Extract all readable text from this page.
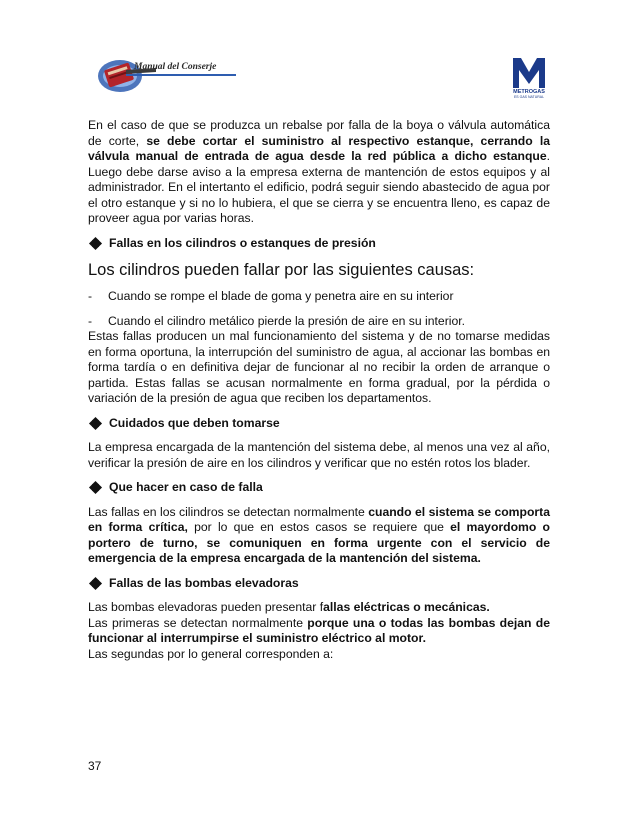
Manual del Conserje
METROGAS
ES GAS NATURAL

En el caso de que se produzca un rebalse por falla de la boya o válvula automática de corte, se debe cortar el suministro al respectivo estanque, cerrando la válvula manual de entrada de agua desde la red pública a dicho estanque. Luego debe darse aviso a la empresa externa de mantención de estos equipos y al administrador. En el intertanto el edificio, podrá seguir siendo abastecido de agua por el otro estanque y si no lo hubiera, el que se cierra y se encuentra lleno, es capaz de proveer agua por varias horas.

Fallas en los cilindros o estanques de presión

Los cilindros pueden fallar por las siguientes causas:

-	Cuando se rompe el blade de goma y penetra aire en su interior
-	Cuando el cilindro metálico pierde la presión de aire en su interior.

Estas fallas producen un mal funcionamiento del sistema y de no tomarse medidas en forma oportuna, la interrupción del suministro de agua, al accionar las bombas en forma tardía o en definitiva dejar de funcionar al no recibir la orden de arranque o partida. Estas fallas se acusan normalmente en forma gradual, por la pérdida o variación de la presión de agua que reciben los departamentos.

Cuidados que deben tomarse

La empresa encargada de la mantención del sistema debe, al menos una vez al año, verificar la presión de aire en los cilindros y verificar que no estén rotos los blader.

Que hacer en caso de falla

Las fallas en los cilindros se detectan normalmente cuando el sistema se comporta en forma crítica, por lo que en estos casos se requiere que el mayordomo o portero de turno, se comuniquen en forma urgente con el servicio de emergencia de la empresa encargada de la mantención del sistema.

Fallas de las bombas elevadoras

Las bombas elevadoras pueden presentar fallas eléctricas o mecánicas.

Las primeras se detectan normalmente porque una o todas las bombas dejan de funcionar al interrumpirse el suministro eléctrico al motor.

Las segundas por lo general corresponden a:

37
